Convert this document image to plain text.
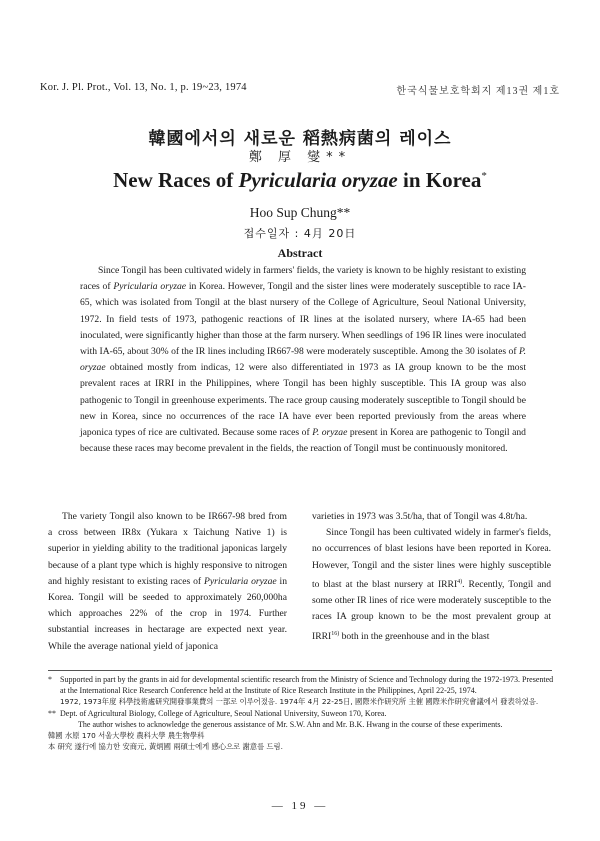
Kor. J. Pl. Prot., Vol. 13, No. 1, p. 19~23, 1974	한국식물보호학회지 제13권 제1호
韓國에서의 새로운 稻熱病菌의 레이스
鄭 厚 燮**
New Races of Pyricularia oryzae in Korea*
Hoo Sup Chung**
접수일자 : 4月 20日
Abstract

Since Tongil has been cultivated widely in farmers' fields, the variety is known to be highly resistant to existing races of Pyricularia oryzae in Korea. However, Tongil and the sister lines were moderately susceptible to race IA-65, which was isolated from Tongil at the blast nursery of the College of Agriculture, Seoul National University, 1972. In field tests of 1973, pathogenic reactions of IR lines at the isolated nursery, where IA-65 had been inoculated, were significantly higher than those at the farm nursery. When seedlings of 196 IR lines were inoculated with IA-65, about 30% of the IR lines including IR667-98 were moderately susceptible. Among the 30 isolates of P. oryzae obtained mostly from indicas, 12 were also differentiated in 1973 as IA group known to be the most prevalent races at IRRI in the Philippines, where Tongil has been highly susceptible. This IA group was also pathogenic to Tongil in greenhouse experiments. The race group causing moderately susceptible to Tongil should be new in Korea, since no occurrences of the race IA have ever been reported previously from the areas where japonica types of rice are cultivated. Because some races of P. oryzae present in Korea are pathogenic to Tongil and because these races may become prevalent in the fields, the reaction of Tongil must be continuously monitored.

The variety Tongil also known to be IR667-98 bred from a cross between IR8x (Yukara x Taichung Native 1) is superior in yielding ability to the traditional japonicas largely because of a plant type which is highly responsive to nitrogen and highly resistant to existing races of Pyricularia oryzae in Korea. Tongil will be seeded to approximately 260,000ha which approaches 22% of the crop in 1974. Further substantial increases in hectarage are expected next year. While the average national yield of japonica

varieties in 1973 was 3.5t/ha, that of Tongil was 4.8t/ha.

Since Tongil has been cultivated widely in farmer's fields, no occurrences of blast lesions have been reported in Korea. However, Tongil and the sister lines were highly susceptible to blast at the blast nursery at IRRI$^{4)}$. Recently, Tongil and some other IR lines of rice were moderately susceptible to the races IA group known to be the most prevalent group at IRRI$^{16)}$ both in the greenhouse and in the blast

* Supported in part by the grants in aid for developmental scientific research from the Ministry of Science and Technology during the 1972-1973. Presented at the International Rice Research Conference held at the Institute of Rice Research Institute in the Philippines, April 22-25, 1974.

1972, 1973年度 科學技術處研究開發事業費의 一部로 이루어졌음. 1974年 4月 22-25日, 國際米作研究所 主催 國際米作研究會議에서 發表하였음.

** Dept. of Agricultural Biology, College of Agriculture, Seoul National University, Suweon 170, Korea.

The author wishes to acknowledge the generous assistance of Mr. S.W. Ahn and Mr. B.K. Hwang in the course of these experiments.

韓國 水原 170 서울大學校 農科大學 農生物學科

本 研究 遂行에 協力한 安商元, 黃炳國 兩碩士에게 感心으로 謝意를 드림.

— 19 —
